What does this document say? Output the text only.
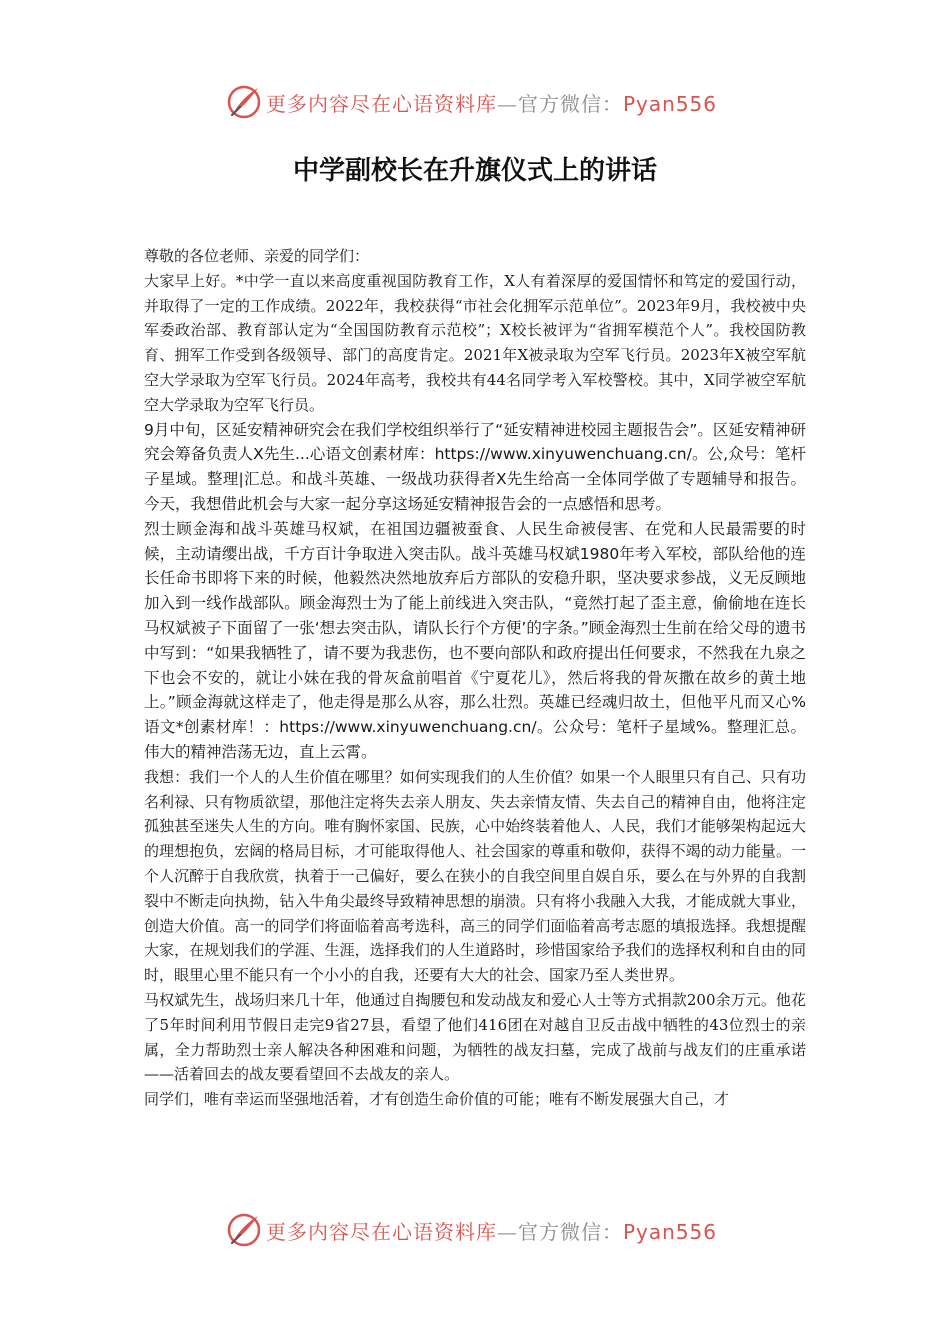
更多内容尽在心语资料库—官方微信：Pyan556
中学副校长在升旗仪式上的讲话

尊敬的各位老师、亲爱的同学们：

大家早上好。*中学一直以来高度重视国防教育工作，X人有着深厚的爱国情怀和笃定的爱国行动，并取得了一定的工作成绩。2022年，我校获得“市社会化拥军示范单位”。2023年9月，我校被中央军委政治部、教育部认定为“全国国防教育示范校”；X校长被评为“省拥军模范个人”。我校国防教育、拥军工作受到各级领导、部门的高度肯定。2021年X被录取为空军飞行员。2023年X被空军航空大学录取为空军飞行员。2024年高考，我校共有44名同学考入军校警校。其中，X同学被空军航空大学录取为空军飞行员。

9月中旬，区延安精神研究会在我们学校组织举行了“延安精神进校园主题报告会”。区延安精神研究会筹备负责人X先生...心语文创素材库：https://www.xinyuwenchuang.cn/。公,众号：笔杆子星域。整理|汇总。和战斗英雄、一级战功获得者X先生给高一全体同学做了专题辅导和报告。今天，我想借此机会与大家一起分享这场延安精神报告会的一点感悟和思考。

烈士顾金海和战斗英雄马权斌，在祖国边疆被蚕食、人民生命被侵害、在党和人民最需要的时候，主动请缨出战，千方百计争取进入突击队。战斗英雄马权斌1980年考入军校，部队给他的连长任命书即将下来的时候，他毅然决然地放弃后方部队的安稳升职，坚决要求参战，义无反顾地加入到一线作战部队。顾金海烈士为了能上前线进入突击队，“竟然打起了歪主意，偷偷地在连长马权斌被子下面留了一张‘想去突击队，请队长行个方便’的字条。”顾金海烈士生前在给父母的遗书中写到：“如果我牺牲了，请不要为我悲伤，也不要向部队和政府提出任何要求，不然我在九泉之下也会不安的，就让小妹在我的骨灰盒前唱首《宁夏花儿》，然后将我的骨灰撒在故乡的黄土地上。”顾金海就这样走了，他走得是那么从容，那么壮烈。英雄已经魂归故土，但他平凡而又心%语文*创素材库！：https://www.xinyuwenchuang.cn/。公众号：笔杆子星域%。整理汇总。伟大的精神浩荡无边，直上云霄。

我想：我们一个人的人生价值在哪里？如何实现我们的人生价值？如果一个人眼里只有自己、只有功名利禄、只有物质欲望，那他注定将失去亲人朋友、失去亲情友情、失去自己的精神自由，他将注定孤独甚至迷失人生的方向。唯有胸怀家国、民族，心中始终装着他人、人民，我们才能够架构起远大的理想抱负，宏阔的格局目标，才可能取得他人、社会国家的尊重和敬仰，获得不竭的动力能量。一个人沉醉于自我欣赏，执着于一己偏好，要么在狭小的自我空间里自娱自乐，要么在与外界的自我割裂中不断走向执拗，钻入牛角尖最终导致精神思想的崩溃。只有将小我融入大我，才能成就大事业，创造大价值。高一的同学们将面临着高考选科，高三的同学们面临着高考志愿的填报选择。我想提醒大家，在规划我们的学涯、生涯，选择我们的人生道路时，珍惜国家给予我们的选择权利和自由的同时，眼里心里不能只有一个小小的自我，还要有大大的社会、国家乃至人类世界。

马权斌先生，战场归来几十年，他通过自掏腰包和发动战友和爱心人士等方式捐款200余万元。他花了5年时间利用节假日走完9省27县，看望了他们416团在对越自卫反击战中牺牲的43位烈士的亲属，全力帮助烈士亲人解决各种困难和问题，为牺牲的战友扫墓，完成了战前与战友们的庄重承诺——活着回去的战友要看望回不去战友的亲人。

同学们，唯有幸运而坚强地活着，才有创造生命价值的可能；唯有不断发展强大自己，才

更多内容尽在心语资料库—官方微信：Pyan556
